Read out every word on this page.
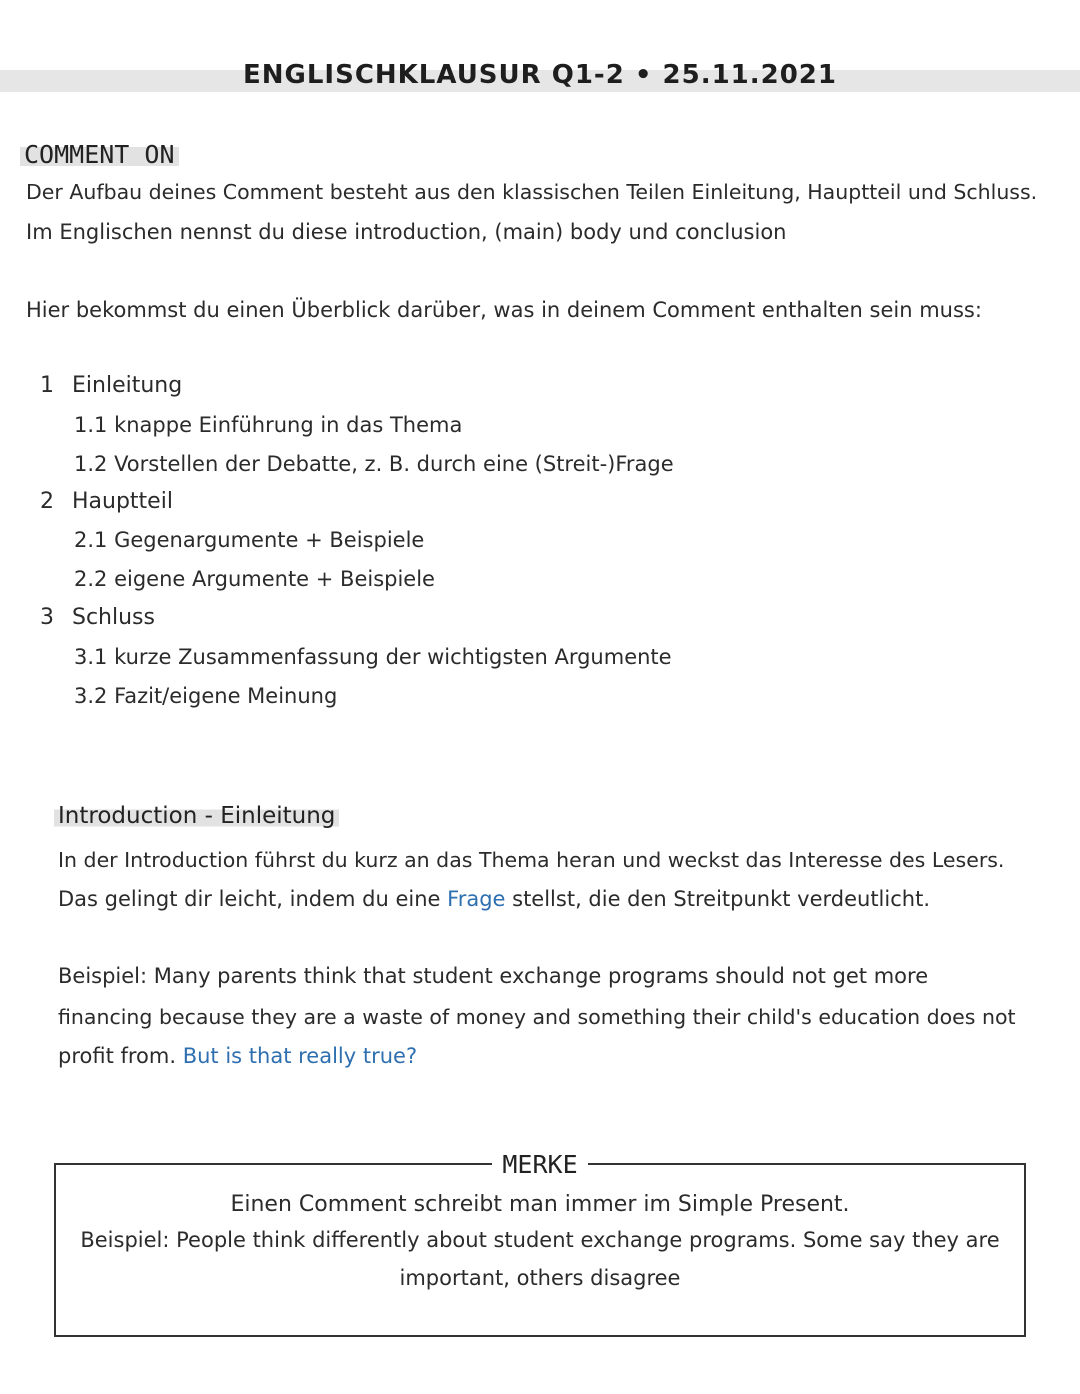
ENGLISCHKLAUSUR Q1-2 • 25.11.2021
COMMENT ON
Der Aufbau deines Comment besteht aus den klassischen Teilen Einleitung, Hauptteil und Schluss.
Im Englischen nennst du diese introduction, (main) body und conclusion
Hier bekommst du einen Überblick darüber, was in deinem Comment enthalten sein muss:
1 Einleitung
1.1 knappe Einführung in das Thema
1.2 Vorstellen der Debatte, z. B. durch eine (Streit-)Frage
2 Hauptteil
2.1 Gegenargumente + Beispiele
2.2 eigene Argumente + Beispiele
3 Schluss
3.1 kurze Zusammenfassung der wichtigsten Argumente
3.2 Fazit/eigene Meinung
Introduction - Einleitung
In der Introduction führst du kurz an das Thema heran und weckst das Interesse des Lesers.
Das gelingt dir leicht, indem du eine Frage stellst, die den Streitpunkt verdeutlicht.
Beispiel: Many parents think that student exchange programs should not get more
financing because they are a waste of money and something their child's education does not
profit from. But is that really true?
MERKE
Einen Comment schreibt man immer im Simple Present.
Beispiel: People think differently about student exchange programs. Some say they are
important, others disagree
